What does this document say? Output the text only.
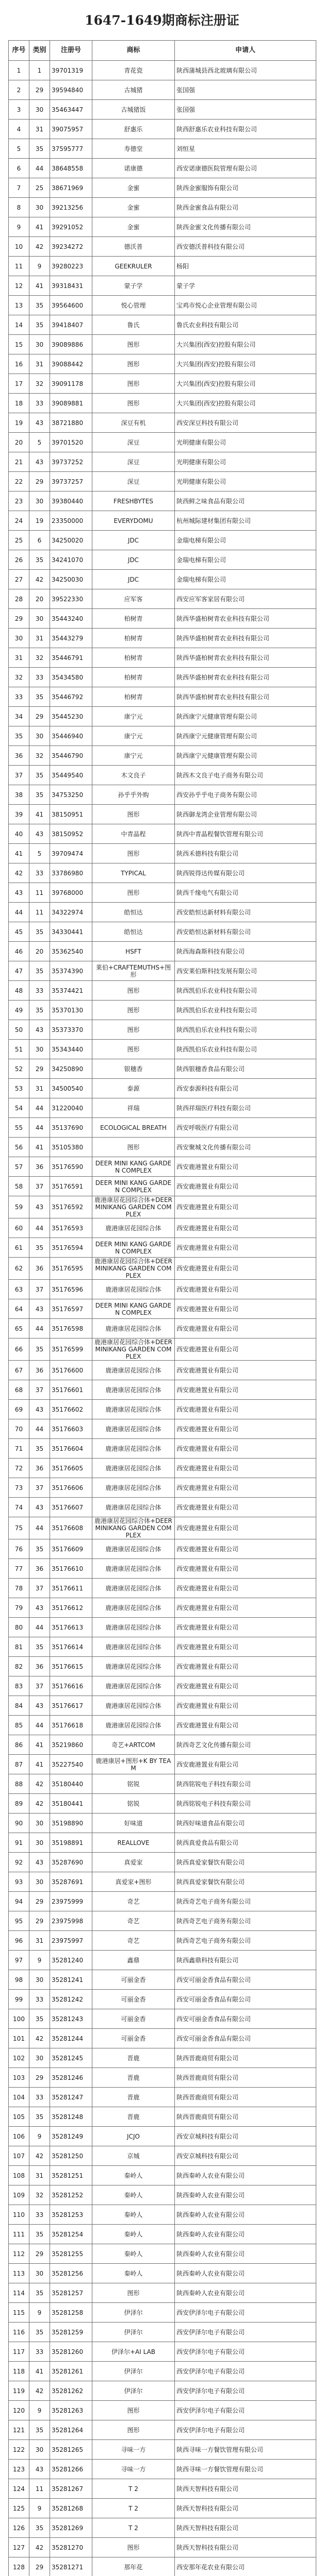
1647-1649期商标注册证
序号	类别	注册号	商标	申请人
1	1	39701319	青花瓷	陕西蒲城县西北玻璃有限公司
2	29	39594840	古城猪	张国强
3	30	35463447	古城猪饭	张国强
4	31	39075957	舒惠乐	陕西舒惠乐农业科技有限公司
5	35	37595777	寿德堂	刘恒星
6	44	38648558	诺康德	西安诺康德医院管理有限公司
7	25	38671969	金蜜	陕西金蜜服饰有限公司
8	30	39213256	金蜜	陕西金蜜食品有限公司
9	41	39291052	金蜜	陕西金蜜文化传播有限公司
10	42	39234272	德沃普	西安德沃普科技有限公司
11	9	39280223	GEEKRULER	杨阳
12	41	39318431	蒙子学	蒙子学
13	35	39564600	悦心管理	宝鸡市悦心企业管理有限公司
14	35	39418407	鲁氏	鲁氏农业科技有限公司
15	30	39089886	图形	大兴集团(西安)控股有限公司
16	31	39088442	图形	大兴集团(西安)控股有限公司
17	32	39091178	图形	大兴集团(西安)控股有限公司
18	33	39089881	图形	大兴集团(西安)控股有限公司
19	43	38721880	深豆有机	西安深豆科技有限公司
20	5	39701520	深豆	光明健康有限公司
21	43	39737252	深豆	光明健康有限公司
22	29	39737257	深豆	光明健康有限公司
23	30	39380440	FRESHBYTES	陕西鲜之味食品有限公司
24	19	23350000	EVERYDOMU	杭州城际建材集团有限公司
25	6	34250020	JDC	金瑞电梯有限公司
26	35	34241070	JDC	金瑞电梯有限公司
27	42	34250030	JDC	金瑞电梯有限公司
28	20	39522330	应军客	西安应军客家居有限公司
29	30	35443240	柏树青	陕西华盛柏树青农业科技有限公司
30	31	35443279	柏树青	陕西华盛柏树青农业科技有限公司
31	32	35446791	柏树青	陕西华盛柏树青农业科技有限公司
32	33	35434580	柏树青	陕西华盛柏树青农业科技有限公司
33	35	35446792	柏树青	陕西华盛柏树青农业科技有限公司
34	29	35445230	康宁元	陕西康宁元健康管理有限公司
35	30	35446940	康宁元	陕西康宁元健康管理有限公司
36	32	35446790	康宁元	陕西康宁元健康管理有限公司
37	35	35449540	木文良子	陕西木文良子电子商务有限公司
38	35	34753250	孙乎乎外购	西安孙乎乎电子商务有限公司
39	41	38150951	图形	陕西御龙湾企业管理有限公司
40	43	38150952	中青晶程	陕西中青晶程餐饮管理有限公司
41	5	39709474	图形	陕西禾德科技有限公司
42	33	33786980	TYPICAL	陕西锐得达传媒有限公司
43	11	39768000	图形	陕西千缘电气有限公司
44	11	34322974	皓恒达	西安皓恒达新材料有限公司
45	35	34330441	皓恒达	西安皓恒达新材料有限公司
46	20	35362540	HSFT	陕西海森斯科技有限公司
47	35	35374390	莱伯+CRAFTEMUTHS+图形	西安莱伯斯科技发展有限公司
48	33	35374421	图形	陕西凯伯乐农业科技有限公司
49	35	35370130	图形	陕西凯伯乐农业科技有限公司
50	43	35373370	图形	陕西凯伯乐农业科技有限公司
51	30	35343440	图形	陕西凯伯乐农业科技有限公司
52	29	34250890	银穗香	陕西银穗香食品有限公司
53	31	34500540	泰源	西安泰源科技有限公司
54	44	31220040	祥瑞	陕西祥瑞医疗科技有限公司
55	44	35137690	ECOLOGICAL BREATH	西安呼吸医疗有限公司
56	41	35105380	图形	西安聚城文化传播有限公司
57	36	35176590	DEER MINI KANG GARDEN COMPLEX	西安鹿港置业有限公司
58	37	35176591	DEER MINI KANG GARDEN COMPLEX	西安鹿港置业有限公司
59	43	35176592	鹿港康居花园综合体+DEER MINIKANG GARDEN COMPLEX	西安鹿港置业有限公司
60	44	35176593	鹿港康居花园综合体	西安鹿港置业有限公司
61	35	35176594	DEER MINI KANG GARDEN COMPLEX	西安鹿港置业有限公司
62	36	35176595	鹿港康居花园综合体+DEER MINIKANG GARDEN COMPLEX	西安鹿港置业有限公司
63	37	35176596	鹿港康居花园综合体	西安鹿港置业有限公司
64	43	35176597	DEER MINI KANG GARDEN COMPLEX	西安鹿港置业有限公司
65	44	35176598	鹿港康居花园综合体	西安鹿港置业有限公司
66	35	35176599	鹿港康居花园综合体+DEER MINIKANG GARDEN COMPLEX	西安鹿港置业有限公司
67	36	35176600	鹿港康居花园综合体	西安鹿港置业有限公司
68	37	35176601	鹿港康居花园综合体	西安鹿港置业有限公司
69	43	35176602	鹿港康居花园综合体	西安鹿港置业有限公司
70	44	35176603	鹿港康居花园综合体	西安鹿港置业有限公司
71	35	35176604	鹿港康居花园综合体	西安鹿港置业有限公司
72	36	35176605	鹿港康居花园综合体	西安鹿港置业有限公司
73	37	35176606	鹿港康居花园综合体	西安鹿港置业有限公司
74	43	35176607	鹿港康居花园综合体	西安鹿港置业有限公司
75	44	35176608	鹿港康居花园综合体+DEER MINIKANG GARDEN COMPLEX	西安鹿港置业有限公司
76	35	35176609	鹿港康居花园综合体	西安鹿港置业有限公司
77	36	35176610	鹿港康居花园综合体	西安鹿港置业有限公司
78	37	35176611	鹿港康居花园综合体	西安鹿港置业有限公司
79	43	35176612	鹿港康居花园综合体	西安鹿港置业有限公司
80	44	35176613	鹿港康居花园综合体	西安鹿港置业有限公司
81	35	35176614	鹿港康居花园综合体	西安鹿港置业有限公司
82	36	35176615	鹿港康居花园综合体	西安鹿港置业有限公司
83	37	35176616	鹿港康居花园综合体	西安鹿港置业有限公司
84	43	35176617	鹿港康居花园综合体	西安鹿港置业有限公司
85	44	35176618	鹿港康居花园综合体	西安鹿港置业有限公司
86	41	35219860	奇艺+ARTCOM	陕西奇艺文化传播有限公司
87	41	35227540	鹿港康居+图形+K BY TEAM	西安鹿港置业有限公司
88	42	35180440	铭锐	陕西铭锐电子科技有限公司
89	42	35180441	铭锐	陕西铭锐电子科技有限公司
90	30	35198890	好味道	陕西好味道食品有限公司
91	30	35198891	REALLOVE	陕西真爱食品有限公司
92	43	35287690	真爱家	陕西真爱家餐饮有限公司
93	30	35287691	真爱家+图形	陕西真爱家餐饮有限公司
94	29	23975999	奇艺	陕西奇艺电子商务有限公司
95	29	23975998	奇艺	陕西奇艺电子商务有限公司
96	31	23975997	奇艺	陕西奇艺电子商务有限公司
97	9	35281240	鑫鼎	陕西鑫鼎科技有限公司
98	30	35281241	可丽金香	西安可丽金香食品有限公司
99	33	35281242	可丽金香	西安可丽金香食品有限公司
100	35	35281243	可丽金香	西安可丽金香食品有限公司
101	42	35281244	可丽金香	西安可丽金香食品有限公司
102	30	35281245	晋鹿	陕西晋鹿商贸有限公司
103	29	35281246	晋鹿	陕西晋鹿商贸有限公司
104	33	35281247	晋鹿	陕西晋鹿商贸有限公司
105	35	35281248	晋鹿	陕西晋鹿商贸有限公司
106	9	35281249	JCJO	西安京城科技有限公司
107	42	35281250	京城	西安京城科技有限公司
108	31	35281251	秦岭人	陕西秦岭人农业有限公司
109	32	35281252	秦岭人	陕西秦岭人农业有限公司
110	33	35281253	秦岭人	陕西秦岭人农业有限公司
111	35	35281254	秦岭人	陕西秦岭人农业有限公司
112	29	35281255	秦岭人	陕西秦岭人农业有限公司
113	30	35281256	秦岭人	陕西秦岭人农业有限公司
114	35	35281257	图形	陕西秦岭人农业有限公司
115	9	35281258	伊泽尔	西安伊泽尔电子有限公司
116	35	35281259	伊泽尔	西安伊泽尔电子有限公司
117	33	35281260	伊泽尔+AI LAB	西安伊泽尔电子有限公司
118	41	35281261	伊泽尔	西安伊泽尔电子有限公司
119	42	35281262	伊泽尔	西安伊泽尔电子有限公司
120	9	35281263	图形	西安伊泽尔电子有限公司
121	35	35281264	图形	西安伊泽尔电子有限公司
122	30	35281265	寻味一方	陕西寻味一方餐饮管理有限公司
123	43	35281266	寻味一方	陕西寻味一方餐饮管理有限公司
124	11	35281267	T 2	陕西天智科技有限公司
125	9	35281268	T 2	陕西天智科技有限公司
126	35	35281269	T 2	陕西天智科技有限公司
127	42	35281270	图形	陕西天智科技有限公司
128	29	35281271	那年花	西安那年花农业有限公司
